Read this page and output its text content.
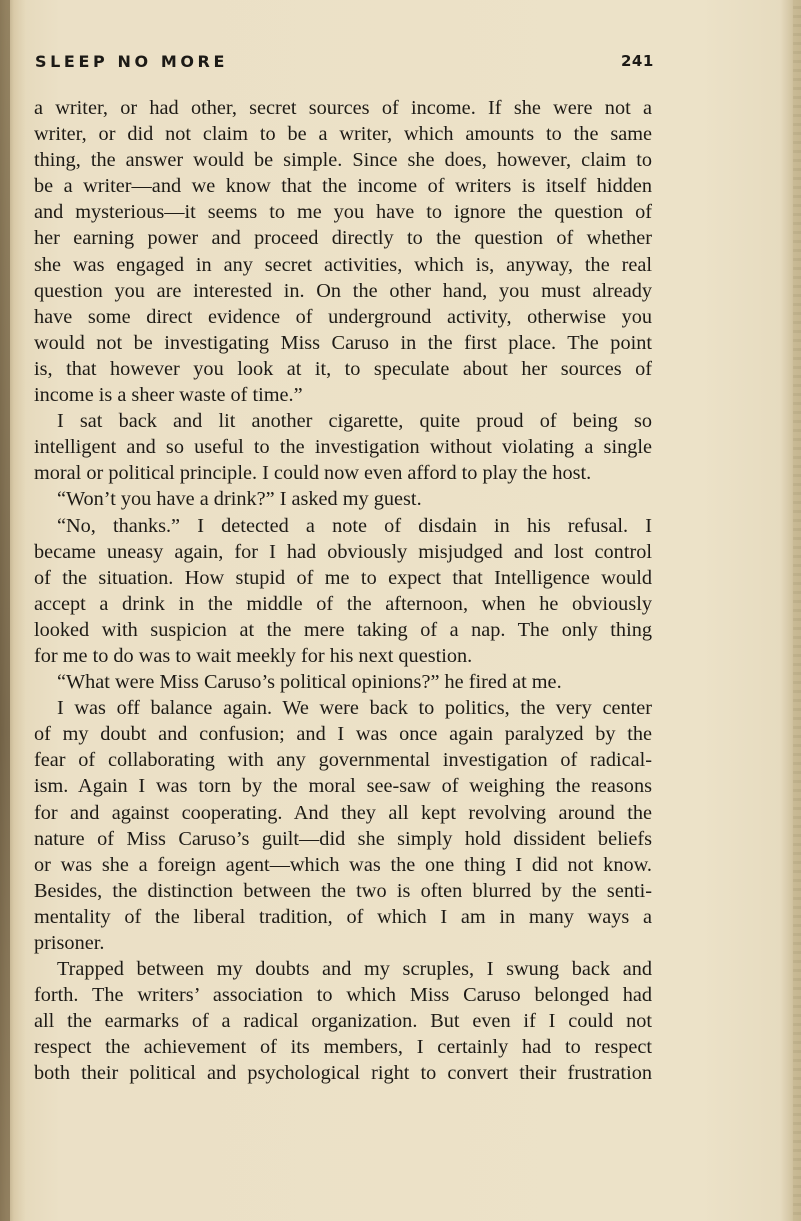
SLEEP NO MORE	241
a writer, or had other, secret sources of income. If she were not a
writer, or did not claim to be a writer, which amounts to the same
thing, the answer would be simple. Since she does, however, claim to
be a writer—and we know that the income of writers is itself hidden
and mysterious—it seems to me you have to ignore the question of
her earning power and proceed directly to the question of whether
she was engaged in any secret activities, which is, anyway, the real
question you are interested in. On the other hand, you must already
have some direct evidence of underground activity, otherwise you
would not be investigating Miss Caruso in the first place. The point
is, that however you look at it, to speculate about her sources of
income is a sheer waste of time.”
I sat back and lit another cigarette, quite proud of being so
intelligent and so useful to the investigation without violating a single
moral or political principle. I could now even afford to play the host.
“Won’t you have a drink?” I asked my guest.
“No, thanks.” I detected a note of disdain in his refusal. I
became uneasy again, for I had obviously misjudged and lost control
of the situation. How stupid of me to expect that Intelligence would
accept a drink in the middle of the afternoon, when he obviously
looked with suspicion at the mere taking of a nap. The only thing
for me to do was to wait meekly for his next question.
“What were Miss Caruso’s political opinions?” he fired at me.
I was off balance again. We were back to politics, the very center
of my doubt and confusion; and I was once again paralyzed by the
fear of collaborating with any governmental investigation of radical-
ism. Again I was torn by the moral see-saw of weighing the reasons
for and against cooperating. And they all kept revolving around the
nature of Miss Caruso’s guilt—did she simply hold dissident beliefs
or was she a foreign agent—which was the one thing I did not know.
Besides, the distinction between the two is often blurred by the senti-
mentality of the liberal tradition, of which I am in many ways a
prisoner.
Trapped between my doubts and my scruples, I swung back and
forth. The writers’ association to which Miss Caruso belonged had
all the earmarks of a radical organization. But even if I could not
respect the achievement of its members, I certainly had to respect
both their political and psychological right to convert their frustration
